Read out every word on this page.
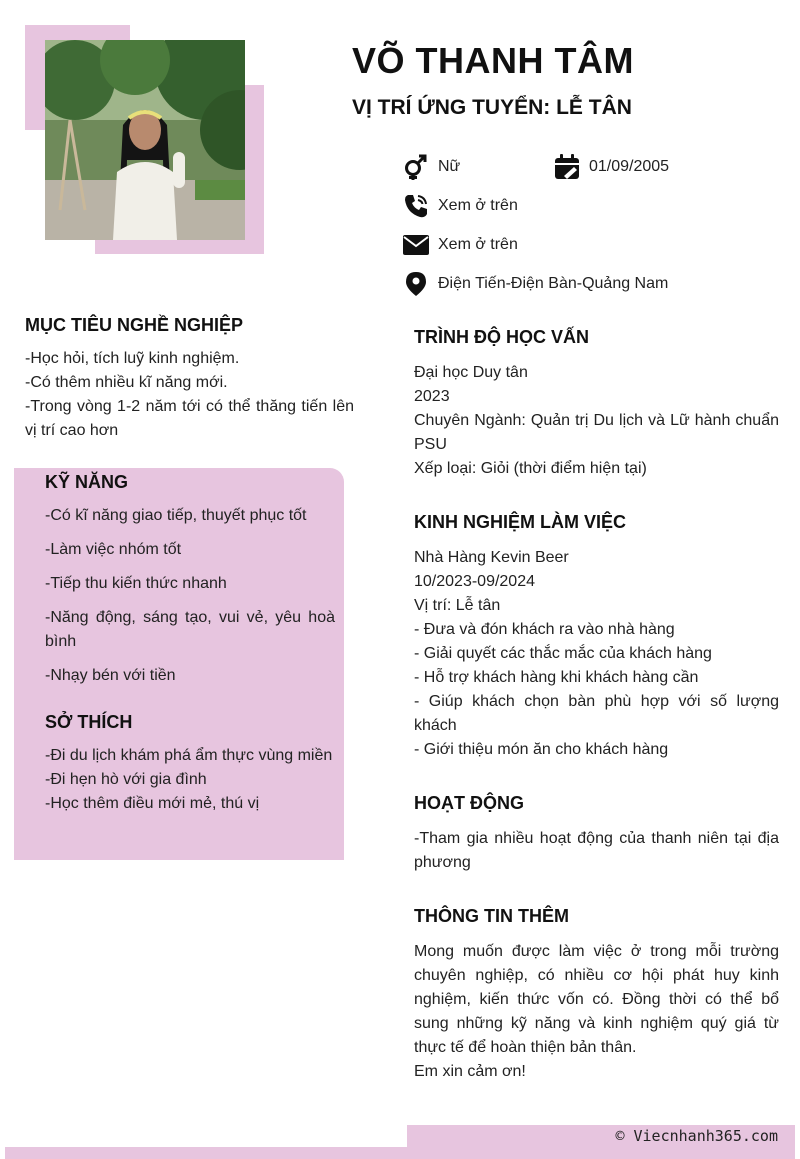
VÕ THANH TÂM
VỊ TRÍ ỨNG TUYỂN: LỄ TÂN
Nữ	01/09/2005
Xem ở trên
Xem ở trên
Điện Tiến-Điện Bàn-Quảng Nam
MỤC TIÊU NGHỀ NGHIỆP

-Học hỏi, tích luỹ kinh nghiệm.

-Có thêm nhiều kĩ năng mới.

-Trong vòng 1-2 năm tới có thể thăng tiến lên vị trí cao hơn

KỸ NĂNG

-Có kĩ năng giao tiếp, thuyết phục tốt

-Làm việc nhóm tốt

-Tiếp thu kiến thức nhanh

-Năng động, sáng tạo, vui vẻ, yêu hoà bình

-Nhạy bén với tiền

SỞ THÍCH

-Đi du lịch khám phá ẩm thực vùng miền

-Đi hẹn hò với gia đình

-Học thêm điều mới mẻ, thú vị

TRÌNH ĐỘ HỌC VẤN

Đại học Duy tân

2023

Chuyên Ngành: Quản trị Du lịch và Lữ hành chuẩn PSU

Xếp loại: Giỏi (thời điểm hiện tại)

KINH NGHIỆM LÀM VIỆC

Nhà Hàng Kevin Beer

10/2023-09/2024

Vị trí: Lễ tân

- Đưa và đón khách ra vào nhà hàng

- Giải quyết các thắc mắc của khách hàng

- Hỗ trợ khách hàng khi khách hàng cần

- Giúp khách chọn bàn phù hợp với số lượng khách

- Giới thiệu món ăn cho khách hàng

HOẠT ĐỘNG

-Tham gia nhiều hoạt động của thanh niên tại địa phương

THÔNG TIN THÊM

Mong muốn được làm việc ở trong mỗi trường chuyên nghiệp, có nhiều cơ hội phát huy kinh nghiệm, kiến thức vốn có. Đồng thời có thể bổ sung những kỹ năng và kinh nghiệm quý giá từ thực tế để hoàn thiện bản thân.

Em xin cảm ơn!

© Viecnhanh365.com
